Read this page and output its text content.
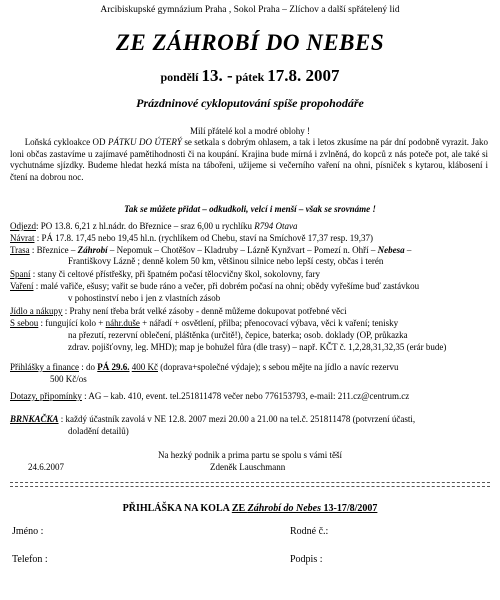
Arcibiskupské gymnázium Praha , Sokol Praha – Zlíchov a další spřátelený lid
ZE ZÁHROBÍ DO NEBES
pondělí 13. - pátek 17.8. 2007
Prázdninové cykloputování spíše propohodáře
Milí přátelé kol a modré oblohy !
Loňská cykloakce OD PÁTKU DO ÚTERÝ se setkala s dobrým ohlasem, a tak i letos zkusíme na pár dní podobně vyrazit. Jako loni občas zastavíme u zajímavé pamětihodnosti či na koupání. Krajina bude mírná i zvlněná, do kopců z nás poteče pot, ale také si vychutnáme sjízdky. Budeme hledat hezká místa na tábořeni, užijeme si večerního vaření na ohni, písniček s kytarou, klábosení i čtení na dobrou noc.
Tak se můžete přidat – odkudkoli, velcí i menší – však se srovnáme !
Odjezd: PO 13.8. 6,21 z hl.nádr. do Březnice – sraz 6,00 u rychlíku R794 Otava
Návrat : PÁ 17.8. 17,45 nebo 19,45 hl.n. (rychlíkem od Chebu, staví na Smíchově 17,37 resp. 19,37)
Trasa : Březnice – Záhrobí – Nepomuk – Chotěšov – Kladruby – Lázně Kynžvart – Pomezí n. Ohří – Nebesa –
Františkovy Lázně ; denně kolem 50 km, většinou silnice nebo lepší cesty, občas i terén
Spaní : stany či celtové přístřešky, při špatném počasí tělocvičny škol, sokolovny, fary
Vaření : malé vařiče, ešusy; vařit se bude ráno a večer, při dobrém počasí na ohni; obědy vyřešíme buď zastávkou
v pohostinství nebo i jen z vlastních zásob
Jídlo a nákupy : Prahy není třeba brát velké zásoby - denně můžeme dokupovat potřebné věci
S sebou : fungující kolo + náhr.duše + nářadí + osvětlení, přilba; přenocovací výbava, věci k vaření; tenisky
na přezutí, rezervní oblečení, pláštěnka (určitě!), čepice, baterka; osob. doklady (OP, průkazka
zdrav. pojišťovny, leg. MHD); map je bohužel fůra (dle trasy) – např. KČT č. 1,2,28,31,32,35 (erár bude)
Přihlášky a finance : do PÁ 29.6. 400 Kč (doprava+společné výdaje); s sebou mějte na jídlo a navíc rezervu
500 Kč/os
Dotazy, připomínky : AG – kab. 410, event. tel.251811478 večer nebo 776153793, e-mail: 211.cz@centrum.cz
BRNKAČKA : každý účastník zavolá v NE 12.8. 2007 mezi 20.00 a 21.00 na tel.č. 251811478 (potvrzení účasti,
doladění detailů)
Na hezký podnik a prima partu se spolu s vámi těší
24.6.2007	Zdeněk Lauschmann
PŘIHLÁŠKA NA KOLA ZE Záhrobí do Nebes 13-17/8/2007
Jméno :	Rodné č.:
Telefon :	Podpis :
